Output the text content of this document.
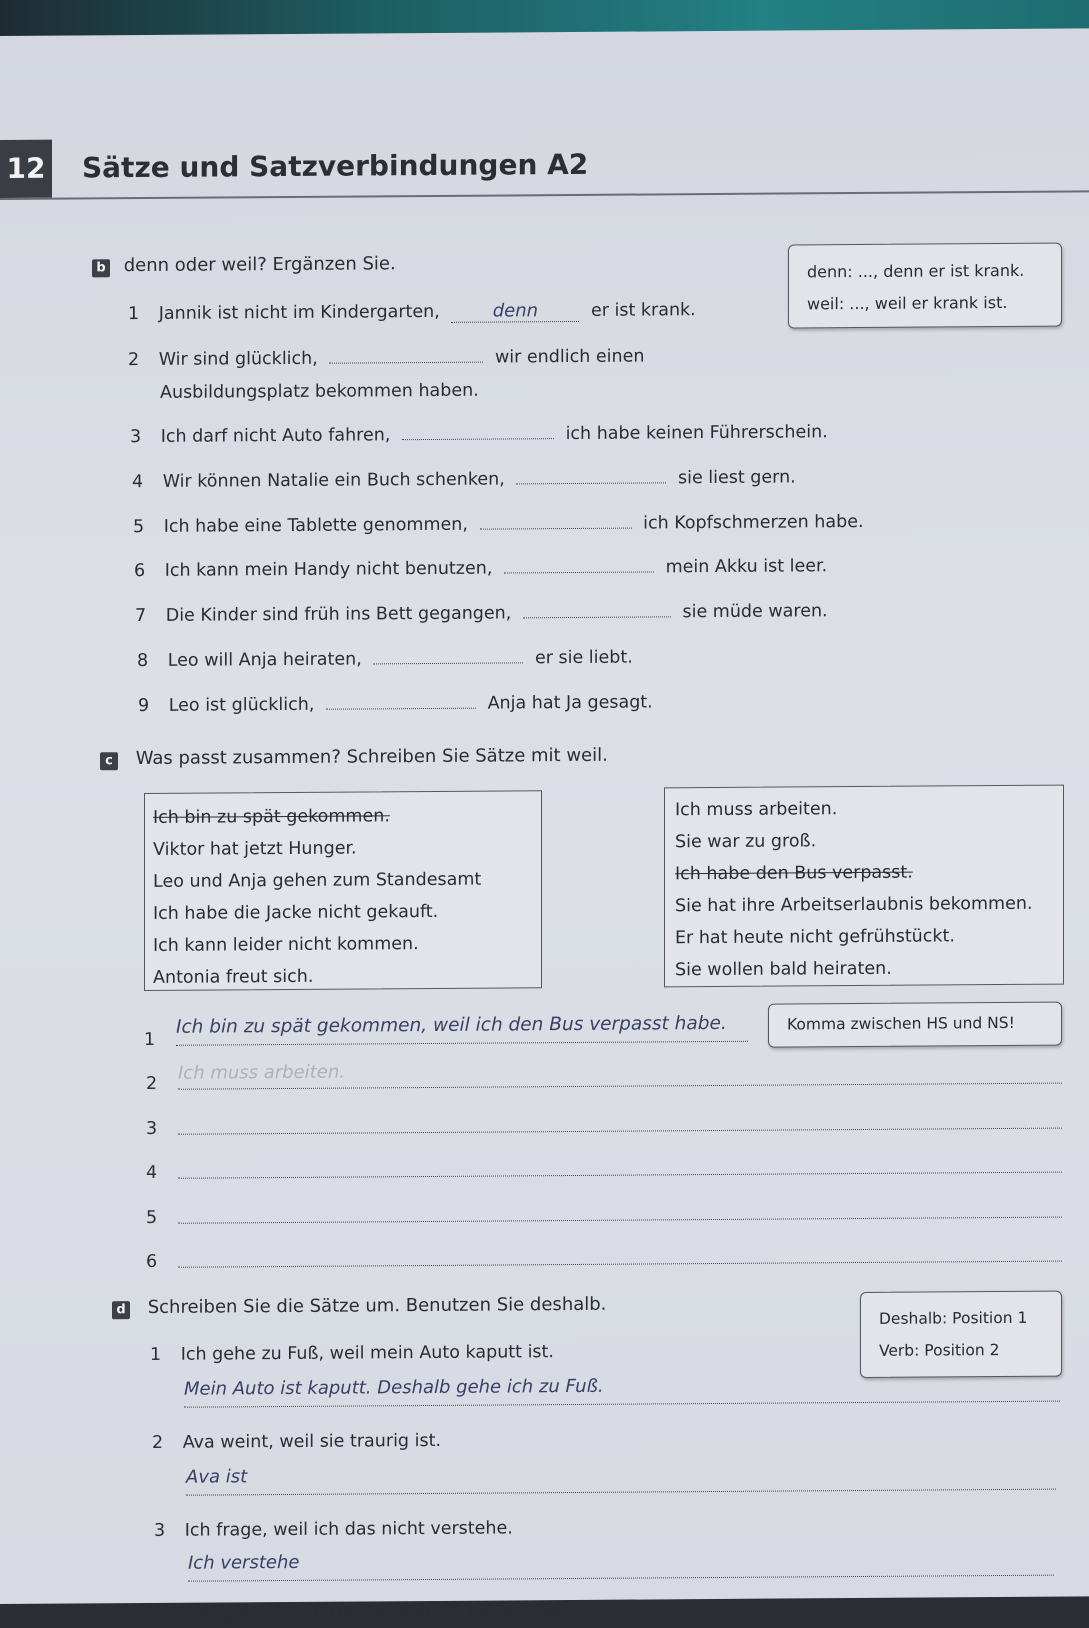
12 Sätze und Satzverbindungen A2
b denn oder weil? Ergänzen Sie.	denn: ..., denn er ist krank.
weil: ..., weil er krank ist.
1 Jannik ist nicht im Kindergarten,	denn	er ist krank.
2 Wir sind glücklich,	wir endlich einen
Ausbildungsplatz bekommen haben.
3 Ich darf nicht Auto fahren,	ich habe keinen Führerschein.
4 Wir können Natalie ein Buch schenken,	sie liest gern.
5 Ich habe eine Tablette genommen,	ich Kopfschmerzen habe.
6 Ich kann mein Handy nicht benutzen,	mein Akku ist leer.
7 Die Kinder sind früh ins Bett gegangen,	sie müde waren.
8 Leo will Anja heiraten,	er sie liebt.
9 Leo ist glücklich,	Anja hat Ja gesagt.
c Was passt zusammen? Schreiben Sie Sätze mit weil.
Ich bin zu spät gekommen.
Viktor hat jetzt Hunger.
Leo und Anja gehen zum Standesamt
Ich habe die Jacke nicht gekauft.
Ich kann leider nicht kommen.
Antonia freut sich.
Ich muss arbeiten.
Sie war zu groß.
Ich habe den Bus verpasst.
Sie hat ihre Arbeitserlaubnis bekommen.
Er hat heute nicht gefrühstückt.
Sie wollen bald heiraten.
Komma zwischen HS und NS!
1
Ich bin zu spät gekommen, weil ich den Bus verpasst habe.
2
Ich muss arbeiten.
3
4
5
6
d Schreiben Sie die Sätze um. Benutzen Sie deshalb.
Deshalb: Position 1
Verb: Position 2
1 Ich gehe zu Fuß, weil mein Auto kaputt ist.
Mein Auto ist kaputt. Deshalb gehe ich zu Fuß.
2 Ava weint, weil sie traurig ist.
Ava ist
3 Ich frage, weil ich das nicht verstehe.
Ich verstehe
4 Wir gehen nach Hause, weil wir müde sind.
